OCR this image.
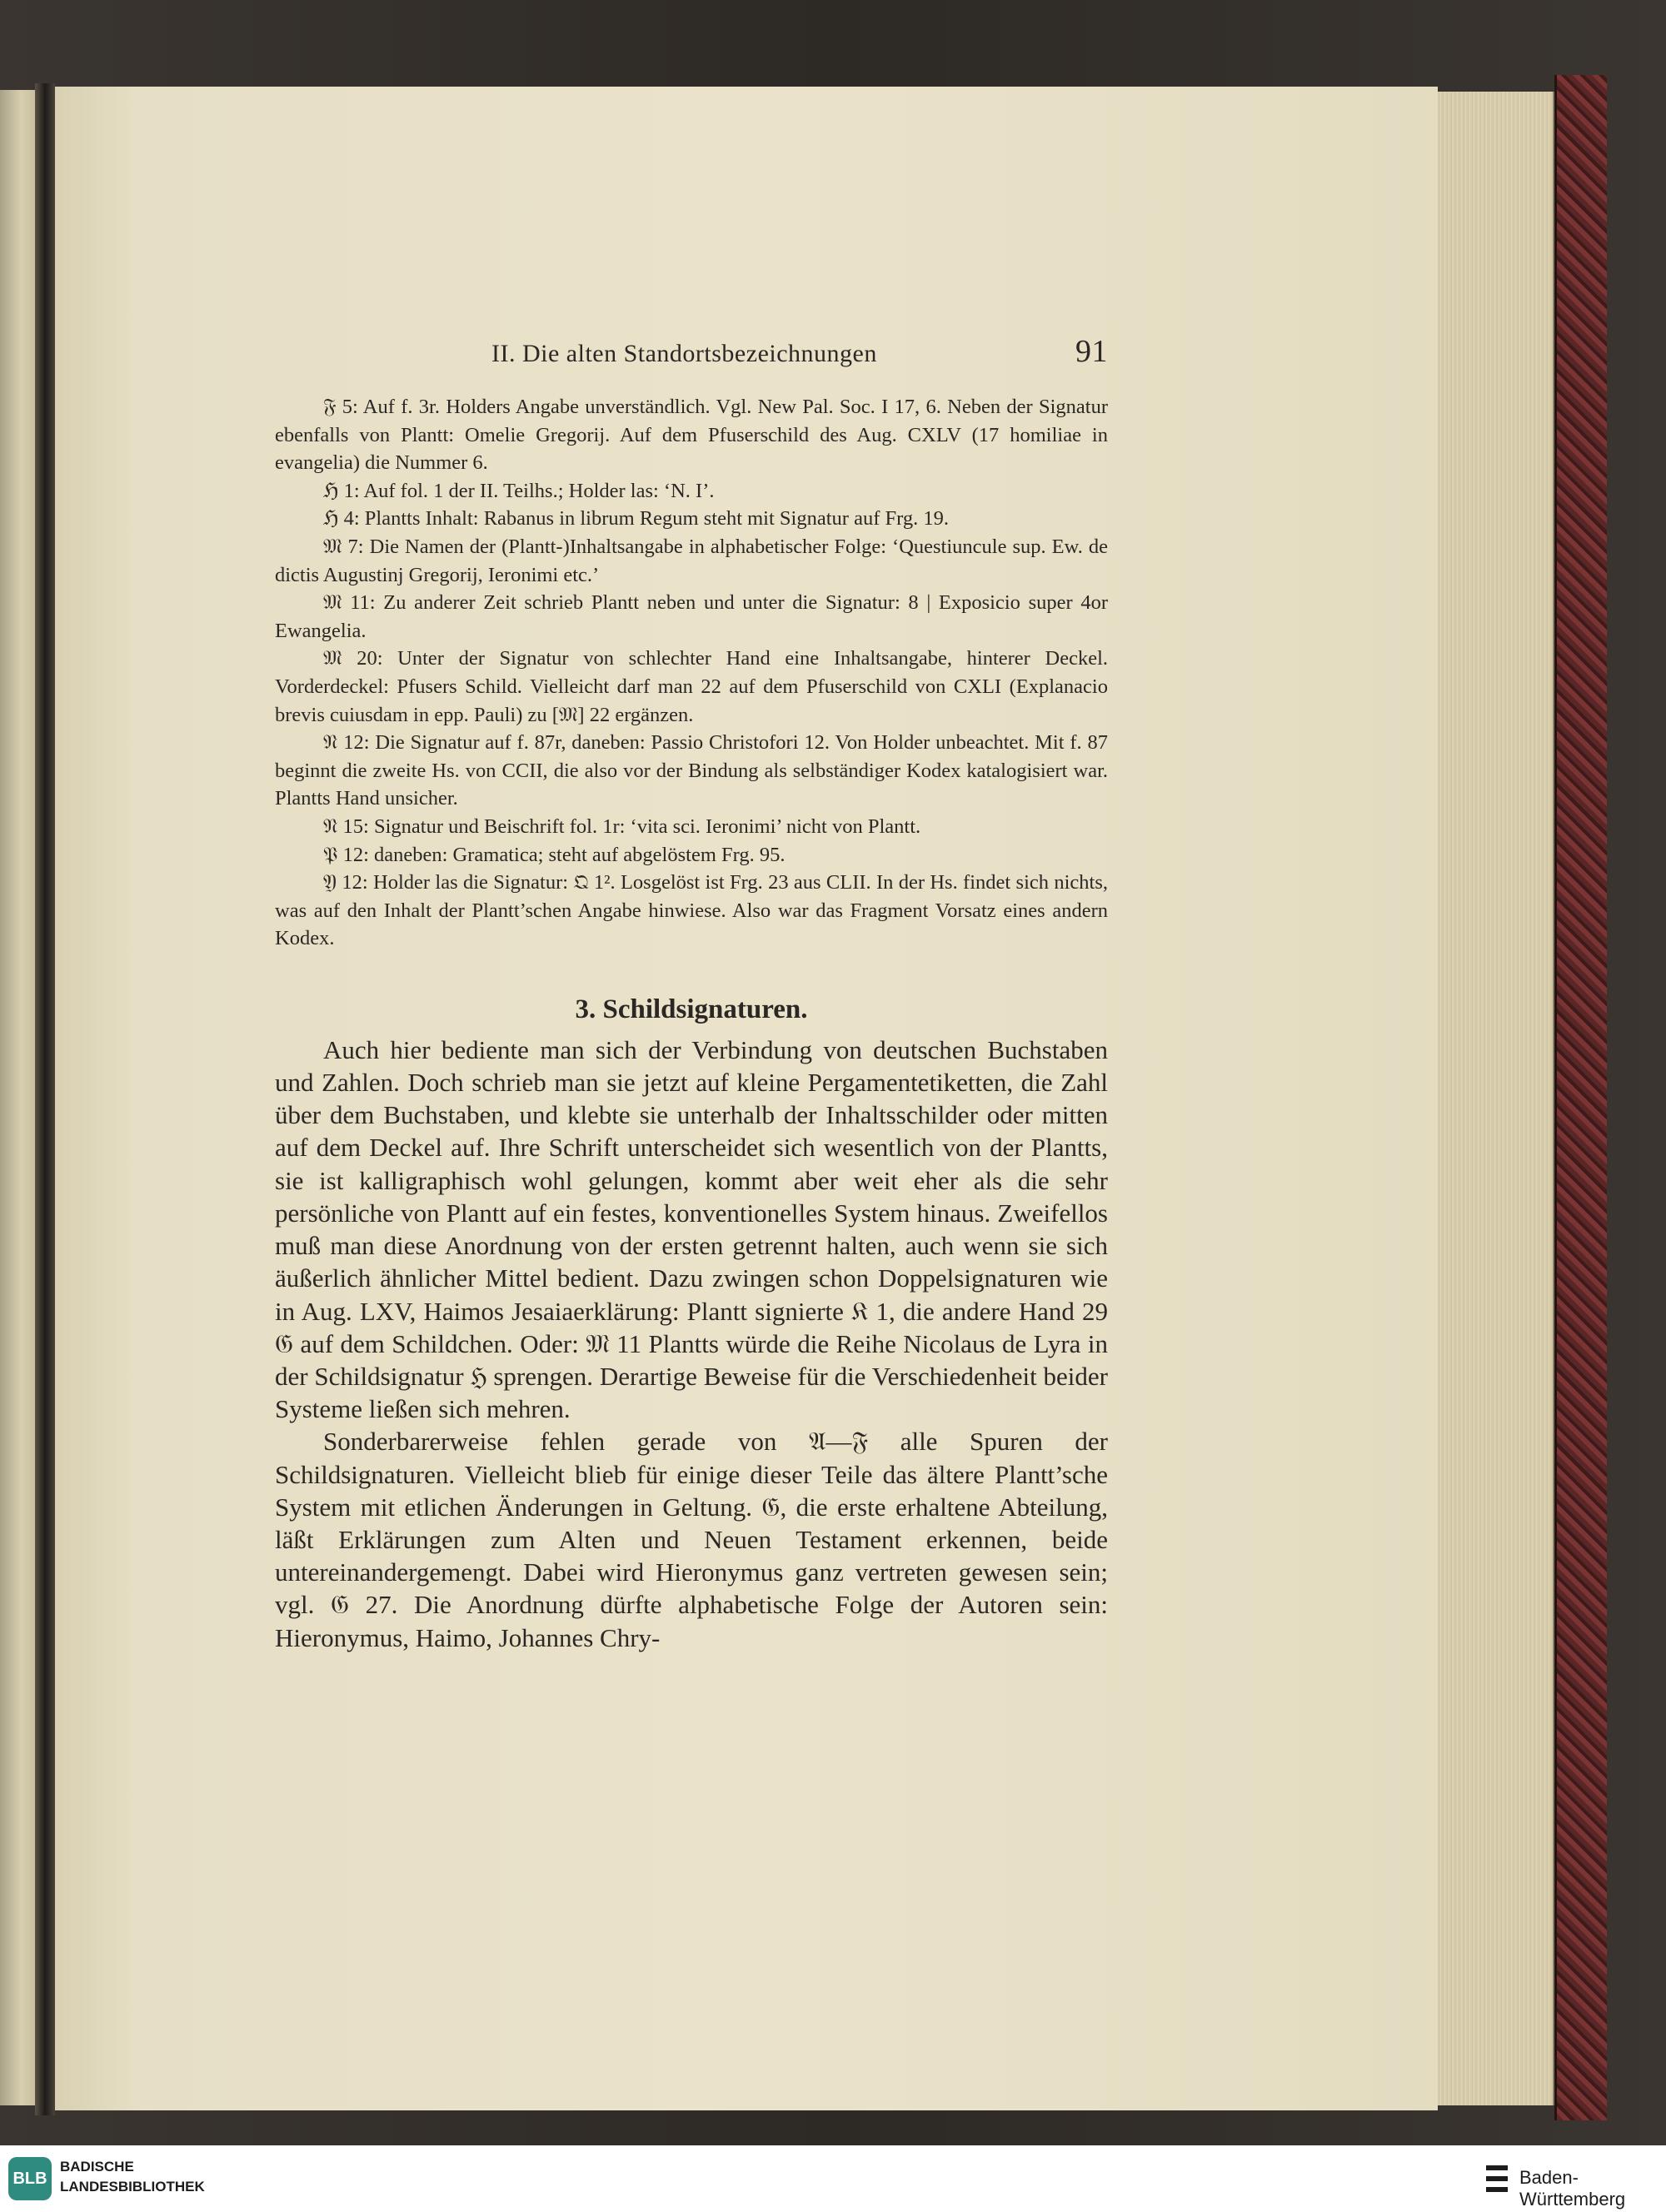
II. Die alten Standortsbezeichnungen	91

𝔉 5: Auf f. 3r. Holders Angabe unverständlich. Vgl. New Pal. Soc. I 17, 6. Neben der Signatur ebenfalls von Plantt: Omelie Gregorij. Auf dem Pfuserschild des Aug. CXLV (17 homiliae in evangelia) die Nummer 6.

ℌ 1: Auf fol. 1 der II. Teilhs.; Holder las: ‘N. I’.

ℌ 4: Plantts Inhalt: Rabanus in librum Regum steht mit Signatur auf Frg. 19.

𝔐 7: Die Namen der (Plantt-)Inhaltsangabe in alphabetischer Folge: ‘Questiuncule sup. Ew. de dictis Augustinj Gregorij, Ieronimi etc.’

𝔐 11: Zu anderer Zeit schrieb Plantt neben und unter die Signatur: 8 | Exposicio super 4or Ewangelia.

𝔐 20: Unter der Signatur von schlechter Hand eine Inhaltsangabe, hinterer Deckel. Vorderdeckel: Pfusers Schild. Vielleicht darf man 22 auf dem Pfuserschild von CXLI (Explanacio brevis cuiusdam in epp. Pauli) zu [𝔐] 22 ergänzen.

𝔑 12: Die Signatur auf f. 87r, daneben: Passio Christofori 12. Von Holder unbeachtet. Mit f. 87 beginnt die zweite Hs. von CCII, die also vor der Bindung als selbständiger Kodex katalogisiert war. Plantts Hand unsicher.

𝔑 15: Signatur und Beischrift fol. 1r: ‘vita sci. Ieronimi’ nicht von Plantt.

𝔓 12: daneben: Gramatica; steht auf abgelöstem Frg. 95.

𝔜 12: Holder las die Signatur: 𝔔 1². Losgelöst ist Frg. 23 aus CLII. In der Hs. findet sich nichts, was auf den Inhalt der Plantt’schen Angabe hinwiese. Also war das Fragment Vorsatz eines andern Kodex.

3. Schildsignaturen.

Auch hier bediente man sich der Verbindung von deutschen Buchstaben und Zahlen. Doch schrieb man sie jetzt auf kleine Pergamentetiketten, die Zahl über dem Buchstaben, und klebte sie unterhalb der Inhaltsschilder oder mitten auf dem Deckel auf. Ihre Schrift unterscheidet sich wesentlich von der Plantts, sie ist kalligraphisch wohl gelungen, kommt aber weit eher als die sehr persönliche von Plantt auf ein festes, konventionelles System hinaus. Zweifellos muß man diese Anordnung von der ersten getrennt halten, auch wenn sie sich äußerlich ähnlicher Mittel bedient. Dazu zwingen schon Doppelsignaturen wie in Aug. LXV, Haimos Jesaiaerklärung: Plantt signierte 𝔎 1, die andere Hand 29 𝔊 auf dem Schildchen. Oder: 𝔐 11 Plantts würde die Reihe Nicolaus de Lyra in der Schildsignatur ℌ sprengen. Derartige Beweise für die Verschiedenheit beider Systeme ließen sich mehren.

Sonderbarerweise fehlen gerade von 𝔄—𝔉 alle Spuren der Schildsignaturen. Vielleicht blieb für einige dieser Teile das ältere Plantt’sche System mit etlichen Änderungen in Geltung. 𝔊, die erste erhaltene Abteilung, läßt Erklärungen zum Alten und Neuen Testament erkennen, beide untereinandergemengt. Dabei wird Hieronymus ganz vertreten gewesen sein; vgl. 𝔊 27. Die Anordnung dürfte alphabetische Folge der Autoren sein: Hieronymus, Haimo, Johannes Chry-

BLB
BADISCHE
LANDESBIBLIOTHEK	Baden-Württemberg
